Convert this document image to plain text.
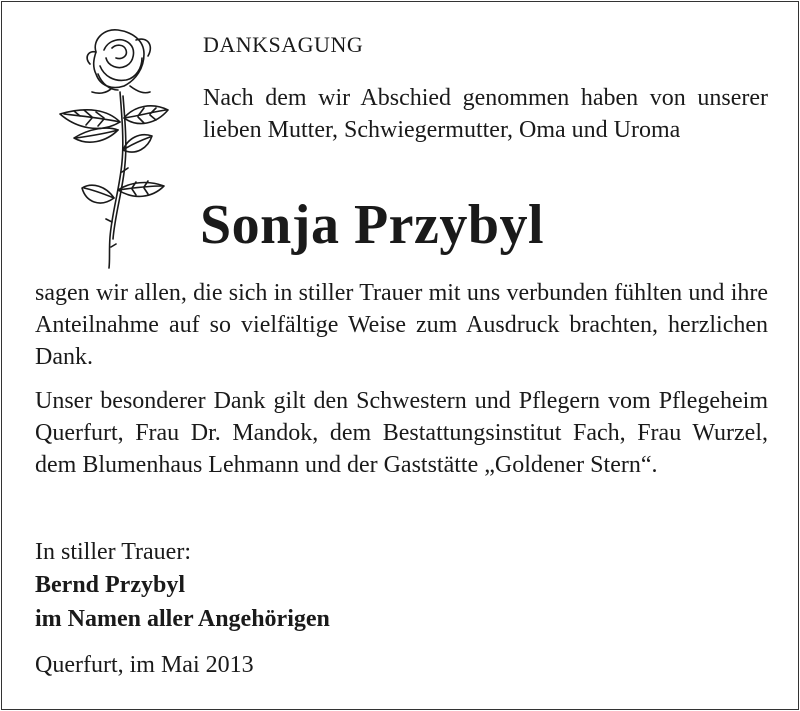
DANKSAGUNG
Nach dem wir Abschied genommen haben von unserer lieben Mutter, Schwiegermutter, Oma und Uroma
Sonja Przybyl
sagen wir allen, die sich in stiller Trauer mit uns verbunden fühlten und ihre Anteilnahme auf so vielfältige Weise zum Ausdruck brachten, herzlichen Dank.
Unser besonderer Dank gilt den Schwestern und Pflegern vom Pflegeheim Querfurt, Frau Dr. Mandok, dem Bestattungsinstitut Fach, Frau Wurzel, dem Blumenhaus Lehmann und der Gaststätte „Goldener Stern“.
In stiller Trauer:
Bernd Przybyl
im Namen aller Angehörigen
Querfurt, im Mai 2013
